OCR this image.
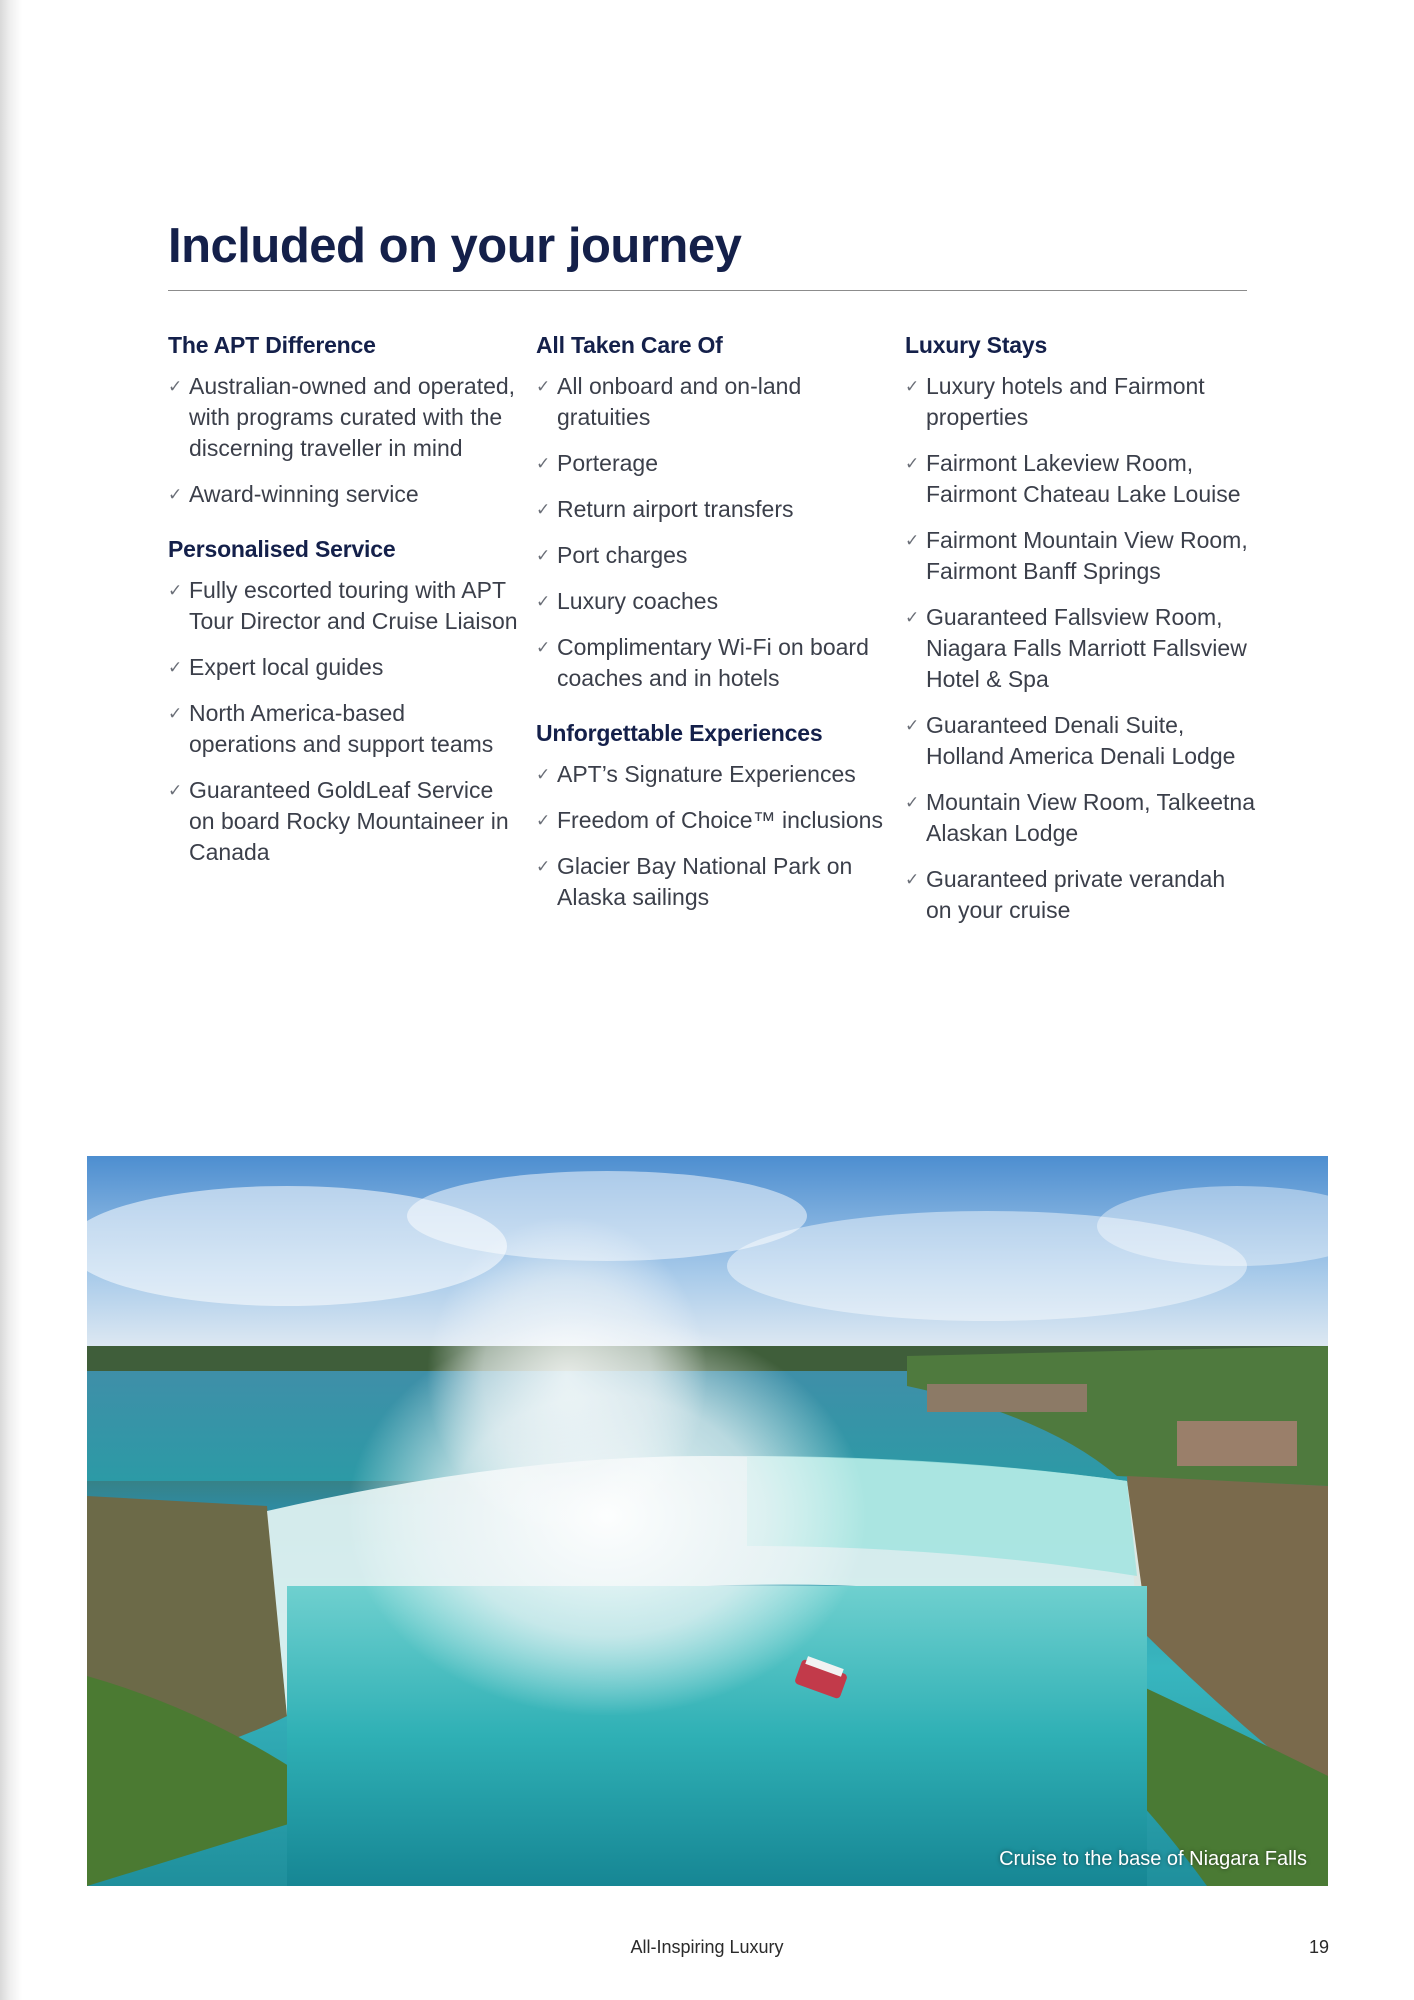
Included on your journey
The APT Difference
✓ Australian-owned and operated, with programs curated with the discerning traveller in mind
✓ Award-winning service
Personalised Service
✓ Fully escorted touring with APT Tour Director and Cruise Liaison
✓ Expert local guides
✓ North America-based operations and support teams
✓ Guaranteed GoldLeaf Service on board Rocky Mountaineer in Canada
All Taken Care Of
✓ All onboard and on-land gratuities
✓ Porterage
✓ Return airport transfers
✓ Port charges
✓ Luxury coaches
✓ Complimentary Wi-Fi on board coaches and in hotels
Unforgettable Experiences
✓ APT’s Signature Experiences
✓ Freedom of Choice™ inclusions
✓ Glacier Bay National Park on Alaska sailings
Luxury Stays
✓ Luxury hotels and Fairmont properties
✓ Fairmont Lakeview Room, Fairmont Chateau Lake Louise
✓ Fairmont Mountain View Room, Fairmont Banff Springs
✓ Guaranteed Fallsview Room, Niagara Falls Marriott Fallsview Hotel & Spa
✓ Guaranteed Denali Suite, Holland America Denali Lodge
✓ Mountain View Room, Talkeetna Alaskan Lodge
✓ Guaranteed private verandah on your cruise
Cruise to the base of Niagara Falls
All-Inspiring Luxury	19
